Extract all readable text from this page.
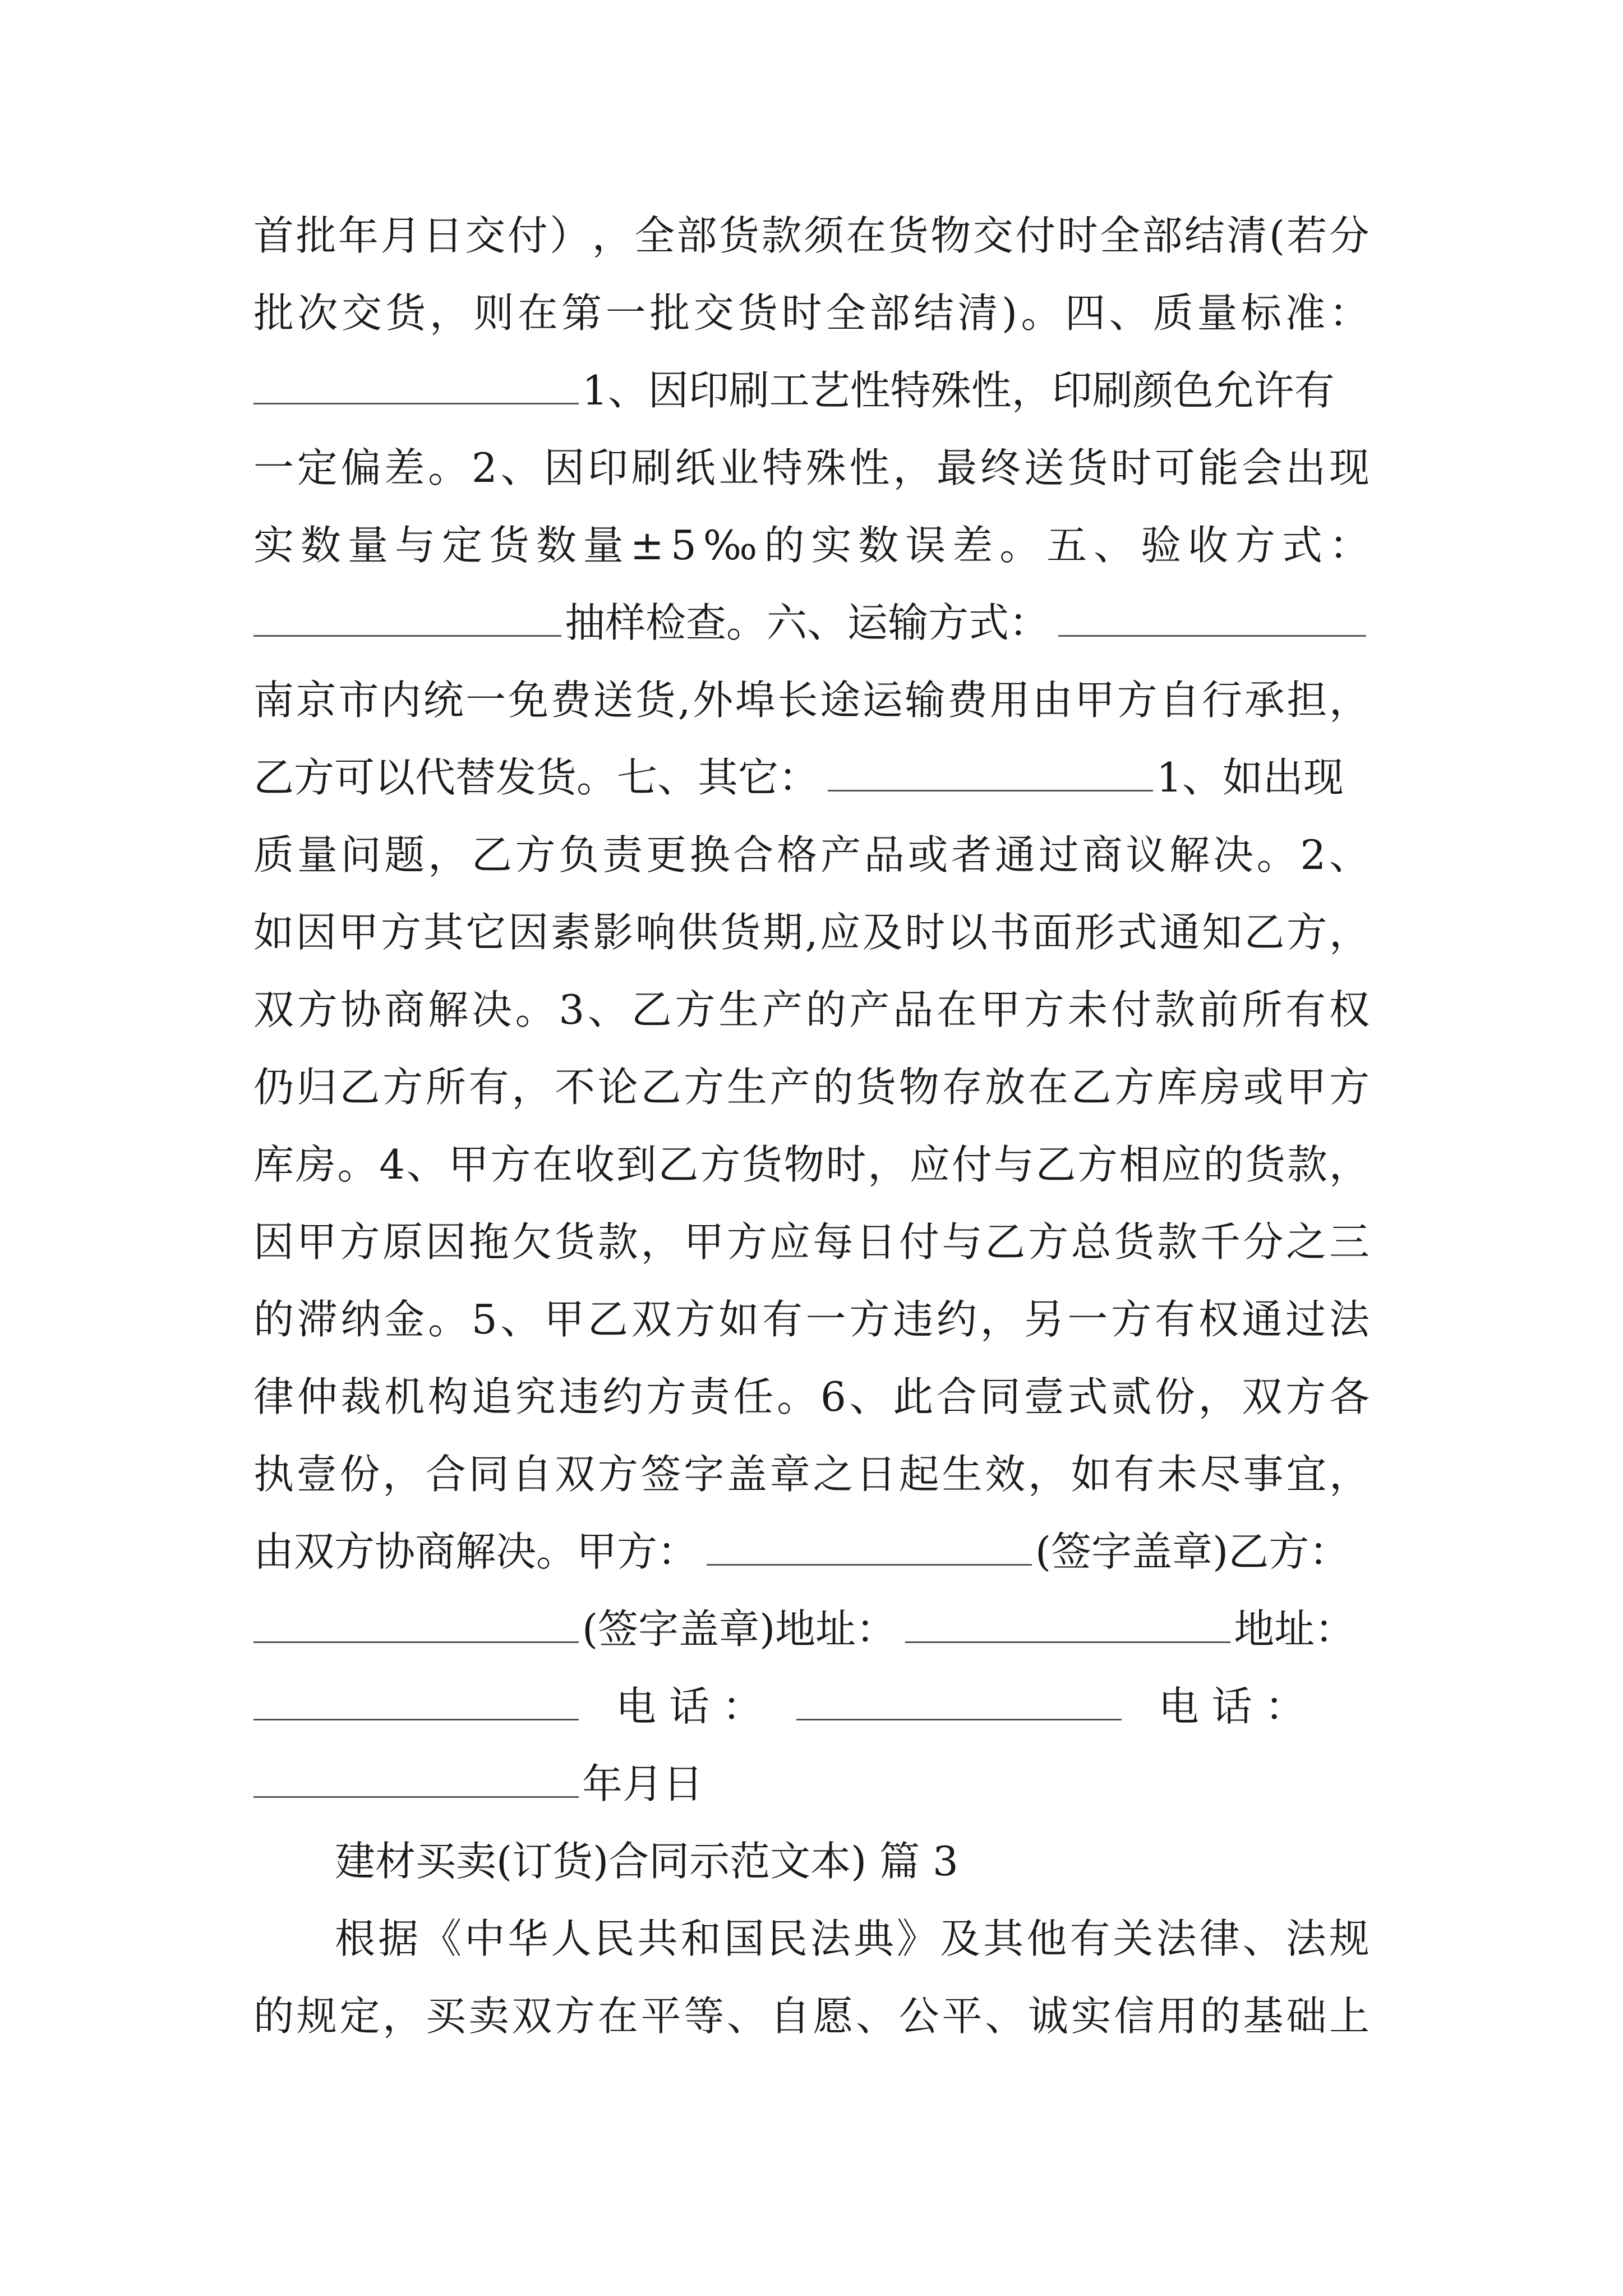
首 批 年 月 日 交 付 ） ， 全 部 货 款 须 在 货 物 交 付 时 全 部 结 清 ( 若 分
批 次 交 货 ， 则 在 第 一 批 交 货 时 全 部 结 清 ) 。 四 、 质 量 标 准 ：
1、因印刷工艺性特殊性，印刷颜色允许有
一 定 偏 差 。 2 、 因 印 刷 纸 业 特 殊 性 ， 最 终 送 货 时 可 能 会 出 现
实 数 量 与 定 货 数 量 ± 5 ‰ 的 实 数 误 差 。 五 、 验 收 方 式 ：
抽样检查。六、运输方式：
南 京 市 内 统 一 免 费 送 货 , 外 埠 长 途 运 输 费 用 由 甲 方 自 行 承 担 ，
乙方可以代替发货。七、其它：	1、如出现
质 量 问 题 ， 乙 方 负 责 更 换 合 格 产 品 或 者 通 过 商 议 解 决 。 2 、
如 因 甲 方 其 它 因 素 影 响 供 货 期 , 应 及 时 以 书 面 形 式 通 知 乙 方 ，
双 方 协 商 解 决 。 3 、 乙 方 生 产 的 产 品 在 甲 方 未 付 款 前 所 有 权
仍 归 乙 方 所 有 ， 不 论 乙 方 生 产 的 货 物 存 放 在 乙 方 库 房 或 甲 方
库 房 。 4 、 甲 方 在 收 到 乙 方 货 物 时 ， 应 付 与 乙 方 相 应 的 货 款 ，
因 甲 方 原 因 拖 欠 货 款 ， 甲 方 应 每 日 付 与 乙 方 总 货 款 千 分 之 三
的 滞 纳 金 。 5 、 甲 乙 双 方 如 有 一 方 违 约 ， 另 一 方 有 权 通 过 法
律 仲 裁 机 构 追 究 违 约 方 责 任 。 6 、 此 合 同 壹 式 贰 份 ， 双 方 各
执 壹 份 ， 合 同 自 双 方 签 字 盖 章 之 日 起 生 效 ， 如 有 未 尽 事 宜 ，
由双方协商解决。甲方：	(签字盖章)乙方：
(签字盖章)地址：	地址：
电 话 ：	电 话 ：
年月日
建材买卖(订货)合同示范文本) 篇 3
根 据 《 中 华 人 民 共 和 国 民 法 典 》 及 其 他 有 关 法 律 、 法 规
的 规 定 ， 买 卖 双 方 在 平 等 、 自 愿 、 公 平 、 诚 实 信 用 的 基 础 上
